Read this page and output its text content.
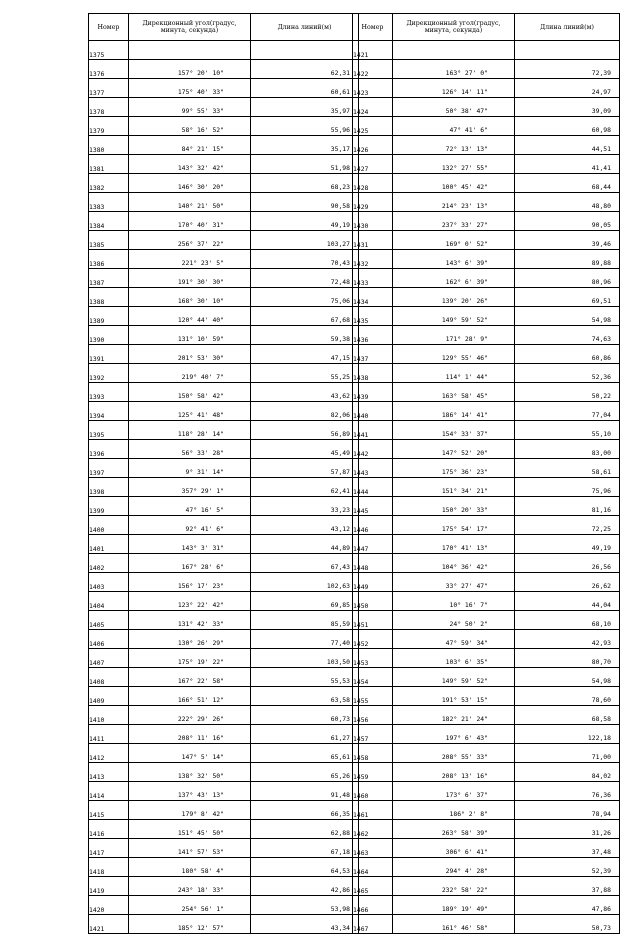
Номер	Дирекционный угол(градус, минута, секунда)	Длина линий(м)

1375		

1376	157° 20' 10"	62,31

1377	175° 40' 33"	60,61

1378	99° 55' 33"	35,97

1379	58° 16' 52"	55,96

1380	84° 21' 15"	35,17

1381	143° 32' 42"	51,98

1382	146° 30' 20"	68,23

1383	140° 21' 50"	90,58

1384	170° 40' 31"	49,19

1385	256° 37' 22"	103,27

1386	221° 23' 5"	70,43

1387	191° 30' 30"	72,48

1388	168° 30' 10"	75,06

1389	120° 44' 40"	67,68

1390	131° 10' 59"	59,38

1391	201° 53' 30"	47,15

1392	219° 40' 7"	55,25

1393	150° 58' 42"	43,62

1394	125° 41' 48"	82,06

1395	118° 28' 14"	56,89

1396	56° 33' 28"	45,49

1397	9° 31' 14"	57,87

1398	357° 29' 1"	62,41

1399	47° 16' 5"	33,23

1400	92° 41' 6"	43,12

1401	143° 3' 31"	44,89

1402	167° 28' 6"	67,43

1403	156° 17' 23"	102,63

1404	123° 22' 42"	69,85

1405	131° 42' 33"	85,59

1406	130° 26' 29"	77,40

1407	175° 19' 22"	103,50

1408	167° 22' 58"	55,53

1409	166° 51' 12"	63,58

1410	222° 29' 26"	60,73

1411	208° 11' 16"	61,27

1412	147° 5' 14"	65,61

1413	138° 32' 50"	65,26

1414	137° 43' 13"	91,48

1415	179° 8' 42"	66,35

1416	151° 45' 50"	62,88

1417	141° 57' 53"	67,18

1418	180° 58' 4"	64,53

1419	243° 18' 33"	42,86

1420	254° 56' 1"	53,98

1421	185° 12' 57"	43,34
Номер	Дирекционный угол(градус, минута, секунда)	Длина линий(м)

1421		

1422	163° 27' 0"	72,39

1423	126° 14' 11"	24,97

1424	50° 38' 47"	39,09

1425	47° 41' 6"	60,98

1426	72° 13' 13"	44,51

1427	132° 27' 55"	41,41

1428	100° 45' 42"	68,44

1429	214° 23' 13"	48,80

1430	237° 33' 27"	90,05

1431	169° 0' 52"	39,46

1432	143° 6' 39"	89,88

1433	162° 6' 39"	80,96

1434	139° 20' 26"	69,51

1435	149° 59' 52"	54,98

1436	171° 28' 9"	74,63

1437	129° 55' 46"	60,86

1438	114° 1' 44"	52,36

1439	163° 58' 45"	50,22

1440	186° 14' 41"	77,04

1441	154° 33' 37"	55,10

1442	147° 52' 20"	83,00

1443	175° 36' 23"	58,61

1444	151° 34' 21"	75,96

1445	150° 20' 33"	81,16

1446	175° 54' 17"	72,25

1447	170° 41' 13"	49,19

1448	104° 36' 42"	26,56

1449	33° 27' 47"	26,62

1450	10° 16' 7"	44,04

1451	24° 50' 2"	68,10

1452	47° 59' 34"	42,93

1453	103° 6' 35"	80,70

1454	149° 59' 52"	54,98

1455	191° 53' 15"	78,60

1456	182° 21' 24"	68,58

1457	197° 6' 43"	122,18

1458	208° 55' 33"	71,00

1459	208° 13' 16"	84,02

1460	173° 6' 37"	76,36

1461	186° 2' 8"	78,94

1462	263° 58' 39"	31,26

1463	306° 6' 41"	37,48

1464	294° 4' 28"	52,39

1465	232° 58' 22"	37,88

1466	189° 19' 49"	47,86

1467	161° 46' 58"	50,73
